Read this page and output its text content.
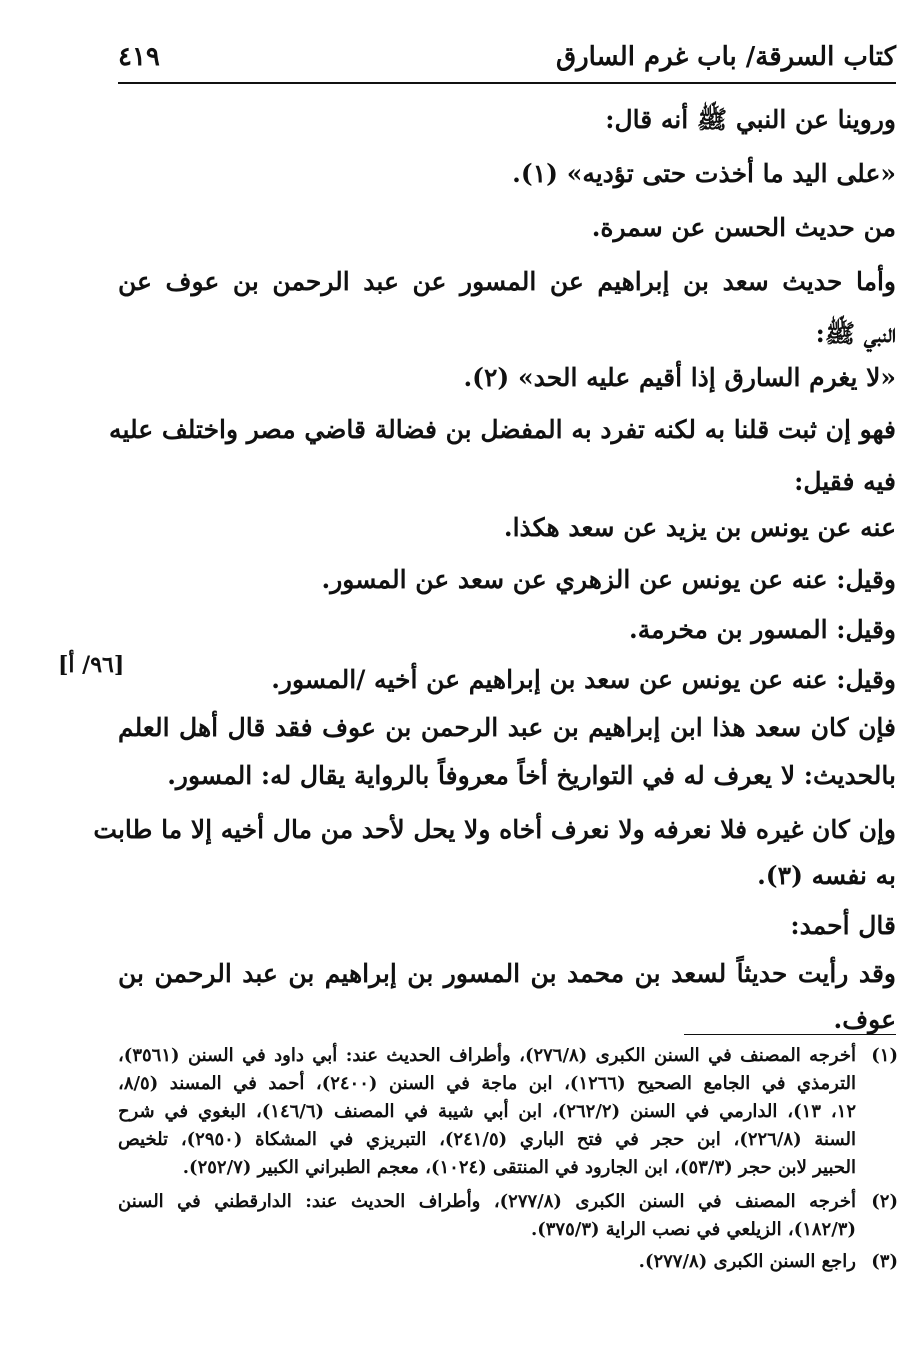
كتاب السرقة/ باب غرم السارق
٤١٩
وروينا عن النبي ﷺ أنه قال:
«على اليد ما أخذت حتى تؤديه» (١).
من حديث الحسن عن سمرة.
وأما حديث سعد بن إبراهيم عن المسور عن عبد الرحمن بن عوف عن
النبي ﷺ:
«لا يغرم السارق إذا أقيم عليه الحد» (٢).
فهو إن ثبت قلنا به لكنه تفرد به المفضل بن فضالة قاضي مصر واختلف عليه
فيه فقيل:
عنه عن يونس بن يزيد عن سعد هكذا.
وقيل: عنه عن يونس عن الزهري عن سعد عن المسور.
وقيل: المسور بن مخرمة.
وقيل: عنه عن يونس عن سعد بن إبراهيم عن أخيه /المسور.
فإن كان سعد هذا ابن إبراهيم بن عبد الرحمن بن عوف فقد قال أهل العلم
بالحديث: لا يعرف له في التواريخ أخاً معروفاً بالرواية يقال له: المسور.
وإن كان غيره فلا نعرفه ولا نعرف أخاه ولا يحل لأحد من مال أخيه إلا ما طابت
به نفسه (٣).
قال أحمد:
وقد رأيت حديثاً لسعد بن محمد بن المسور بن إبراهيم بن عبد الرحمن بن
عوف.
[٩٦/ أ]
(١)
أخرجه المصنف في السنن الكبرى (٢٧٦/٨)، وأطراف الحديث عند: أبي داود في السنن (٣٥٦١)،
الترمذي في الجامع الصحيح (١٢٦٦)، ابن ماجة في السنن (٢٤٠٠)، أحمد في المسند (٨/٥،
١٢، ١٣)، الدارمي في السنن (٢٦٢/٢)، ابن أبي شيبة في المصنف (١٤٦/٦)، البغوي في شرح
السنة (٢٢٦/٨)، ابن حجر في فتح الباري (٢٤١/٥)، التبريزي في المشكاة (٢٩٥٠)، تلخيص
الحبير لابن حجر (٥٣/٣)، ابن الجارود في المنتقى (١٠٢٤)، معجم الطبراني الكبير (٢٥٢/٧).
(٢)
أخرجه المصنف في السنن الكبرى (٢٧٧/٨)، وأطراف الحديث عند: الدارقطني في السنن
(١٨٢/٣)، الزيلعي في نصب الراية (٣٧٥/٣).
(٣)
راجع السنن الكبرى (٢٧٧/٨).
